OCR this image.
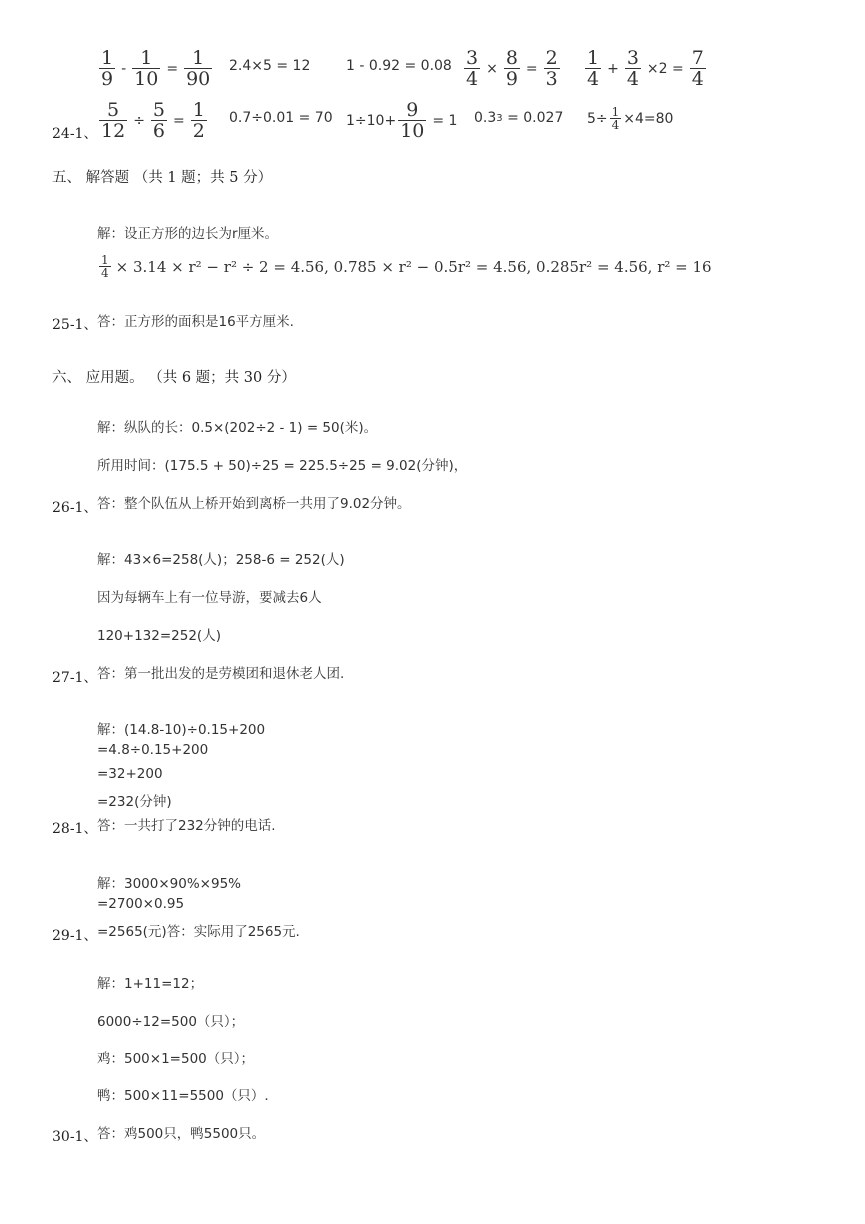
$\frac{1}{9} - \frac{1}{10} = \frac{1}{90} 2.4\times 5 = 12$	$1 - 0.92 = 0.08 \frac{3}{4} \times \frac{8}{9} = \frac{2}{3} \frac{1}{4} + \frac{3}{4} \times 2 = \frac{7}{4}$
24-1、 $\frac{5}{12} \div \frac{5}{6} = \frac{1}{2} 0.7\div 0.01 = 70$ $1\div 10+ \frac{9}{10} = 1$ 0.3 3 = 0.027 $5\div \frac{1}{4} \times 4=80$
五、 解答题 （共 1 题；共 5 分）
解：设正方形的边长为r厘米。
$\frac{1}{4} \times 3.14 \times r^2 - r^2 \div 2 = 4.56$, 0.785 × r² − 0.5r² = 4.56, 0.285r² = 4.56, r² = 16
25-1、 答：正方形的面积是16平方厘米.
六、 应用题。 （共 6 题；共 30 分）
解：纵队的长：0.5×(202÷2 - 1) = 50(米)。
所用时间：(175.5 + 50)÷25 = 225.5÷25 = 9.02(分钟)，
26-1、 答：整个队伍从上桥开始到离桥一共用了9.02分钟。
解：43×6=258(人)；258-6 = 252(人)
因为每辆车上有一位导游，要减去6人
120+132=252(人)
27-1、 答：第一批出发的是劳模团和退休老人团.
解：(14.8-10)÷0.15+200
=4.8÷0.15+200
=32+200
=232(分钟)
28-1、 答：一共打了232分钟的电话.
解：3000×90%×95%
=2700×0.95
29-1、 =2565(元)答：实际用了2565元.
解：1+11=12；
6000÷12=500（只）；
鸡：500×1=500（只）；
鸭：500×11=5500（只）.
30-1、 答：鸡500只，鸭5500只。
